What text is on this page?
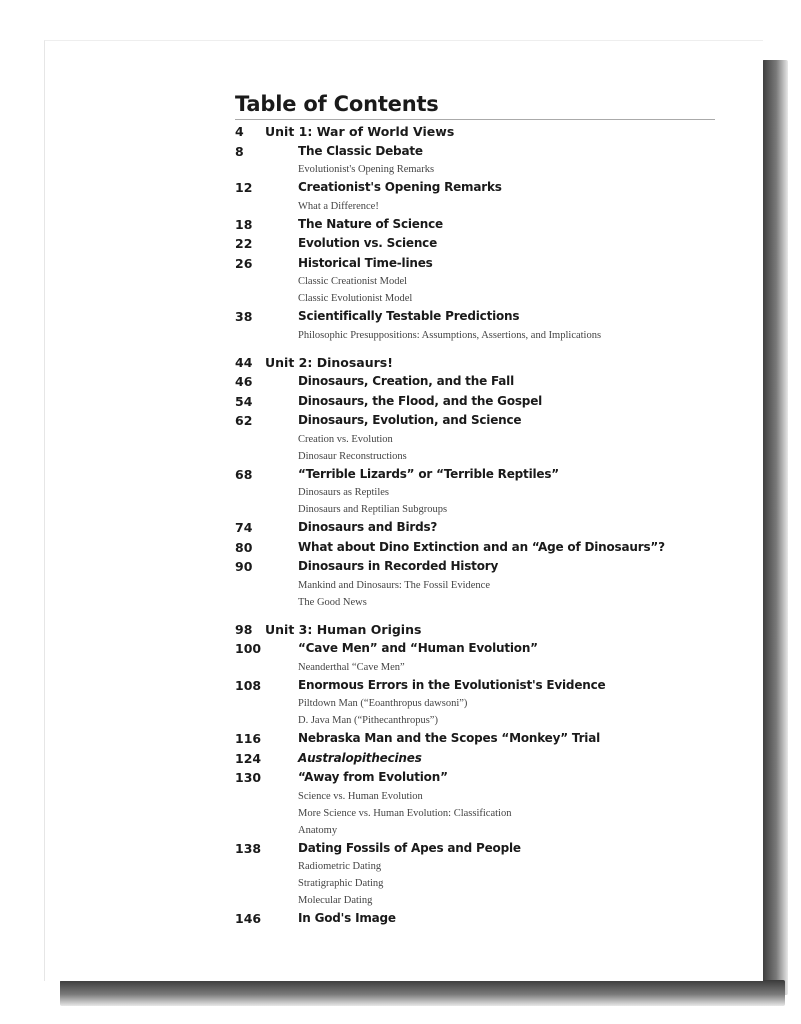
Table of Contents
4	Unit 1: War of World Views
8	The Classic Debate
Evolutionist's Opening Remarks
12	Creationist's Opening Remarks
What a Difference!
18	The Nature of Science
22	Evolution vs. Science
26	Historical Time-lines
Classic Creationist Model
Classic Evolutionist Model
38	Scientifically Testable Predictions
Philosophic Presuppositions: Assumptions, Assertions, and Implications
44	Unit 2: Dinosaurs!
46	Dinosaurs, Creation, and the Fall
54	Dinosaurs, the Flood, and the Gospel
62	Dinosaurs, Evolution, and Science
Creation vs. Evolution
Dinosaur Reconstructions
68	“Terrible Lizards” or “Terrible Reptiles”
Dinosaurs as Reptiles
Dinosaurs and Reptilian Subgroups
74	Dinosaurs and Birds?
80	What about Dino Extinction and an “Age of Dinosaurs”?
90	Dinosaurs in Recorded History
Mankind and Dinosaurs: The Fossil Evidence
The Good News
98	Unit 3: Human Origins
100	“Cave Men” and “Human Evolution”
Neanderthal “Cave Men”
108	Enormous Errors in the Evolutionist's Evidence
Piltdown Man (“Eoanthropus dawsoni”)
D. Java Man (“Pithecanthropus”)
116	Nebraska Man and the Scopes “Monkey” Trial
124	Australopithecines
130	“Away from Evolution”
Science vs. Human Evolution
More Science vs. Human Evolution: Classification
Anatomy
138	Dating Fossils of Apes and People
Radiometric Dating
Stratigraphic Dating
Molecular Dating
146	In God's Image
